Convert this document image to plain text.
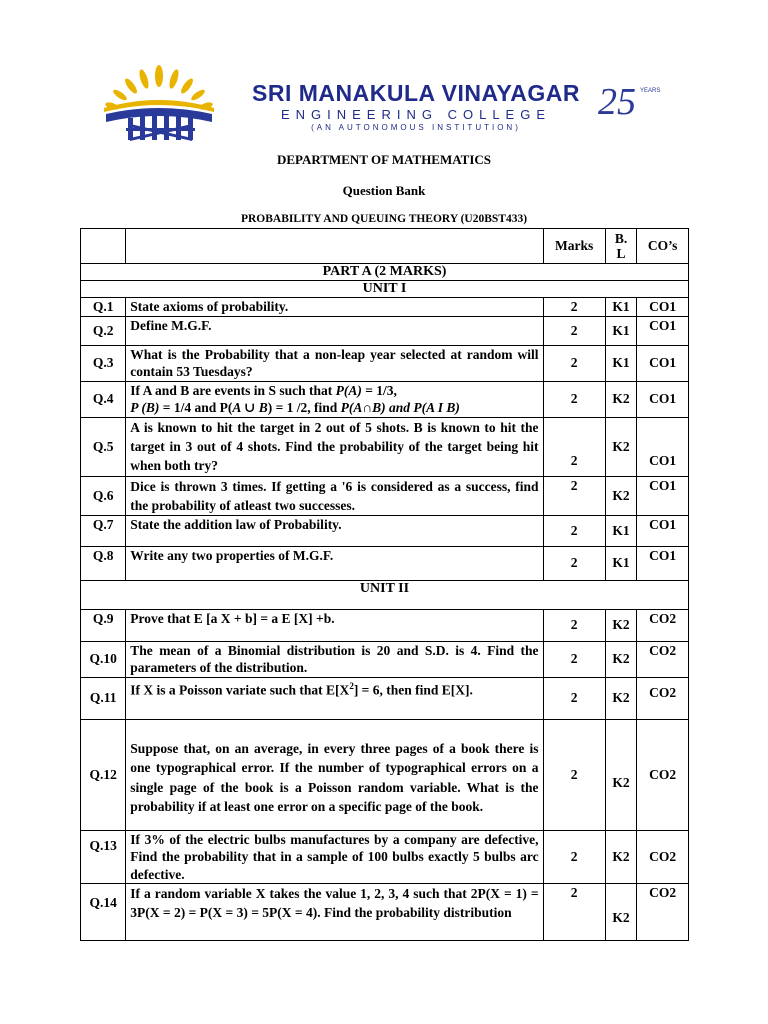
SRI MANAKULA VINAYAGAR
ENGINEERING COLLEGE
(AN AUTONOMOUS INSTITUTION)
25 YEARS
DEPARTMENT OF MATHEMATICS
Question Bank
PROBABILITY AND QUEUING THEORY (U20BST433)
		Marks	B. L	CO’s
PART A (2 MARKS)				
UNIT I				
Q.1	State axioms of probability.	2	K1	CO1
Q.2	Define M.G.F.	2	K1	CO1
Q.3	What is the Probability that a non-leap year selected at random will contain 53 Tuesdays?	2	K1	CO1
Q.4	If A and B are events in S such that P(A) = 1/3,
P (B) = 1/4 and P(A ∪ B) = 1 /2, find P(A∩B) and P(A I B)	2	K2	CO1
Q.5	A is known to hit the target in 2 out of 5 shots. B is known to hit the target in 3 out of 4 shots. Find the probability of the target being hit when both try?	2	K2	CO1
Q.6	Dice is thrown 3 times. If getting a '6 is considered as a success, find the probability of atleast two successes.	2	K2	CO1
Q.7	State the addition law of Probability.	2	K1	CO1
Q.8	Write any two properties of M.G.F.	2	K1	CO1
UNIT II				
Q.9	Prove that E [a X + b] = a E [X] +b.	2	K2	CO2
Q.10	The mean of a Binomial distribution is 20 and S.D. is 4. Find the parameters of the distribution.	2	K2	CO2
Q.11	If X is a Poisson variate such that $E[X^2] = 6$, then find E[X].	2	K2	CO2
Q.12	Suppose that, on an average, in every three pages of a book there is one typographical error. If the number of typographical errors on a single page of the book is a Poisson random variable. What is the probability if at least one error on a specific page of the book.	2	K2	CO2
Q.13	If 3% of the electric bulbs manufactures by a company are defective, Find the probability that in a sample of 100 bulbs exactly 5 bulbs arc defective.	2	K2	CO2
Q.14	If a random variable X takes the value 1, 2, 3, 4 such that 2P(X = 1) = 3P(X = 2) = P(X = 3) = 5P(X = 4). Find the probability distribution	2	K2	CO2
